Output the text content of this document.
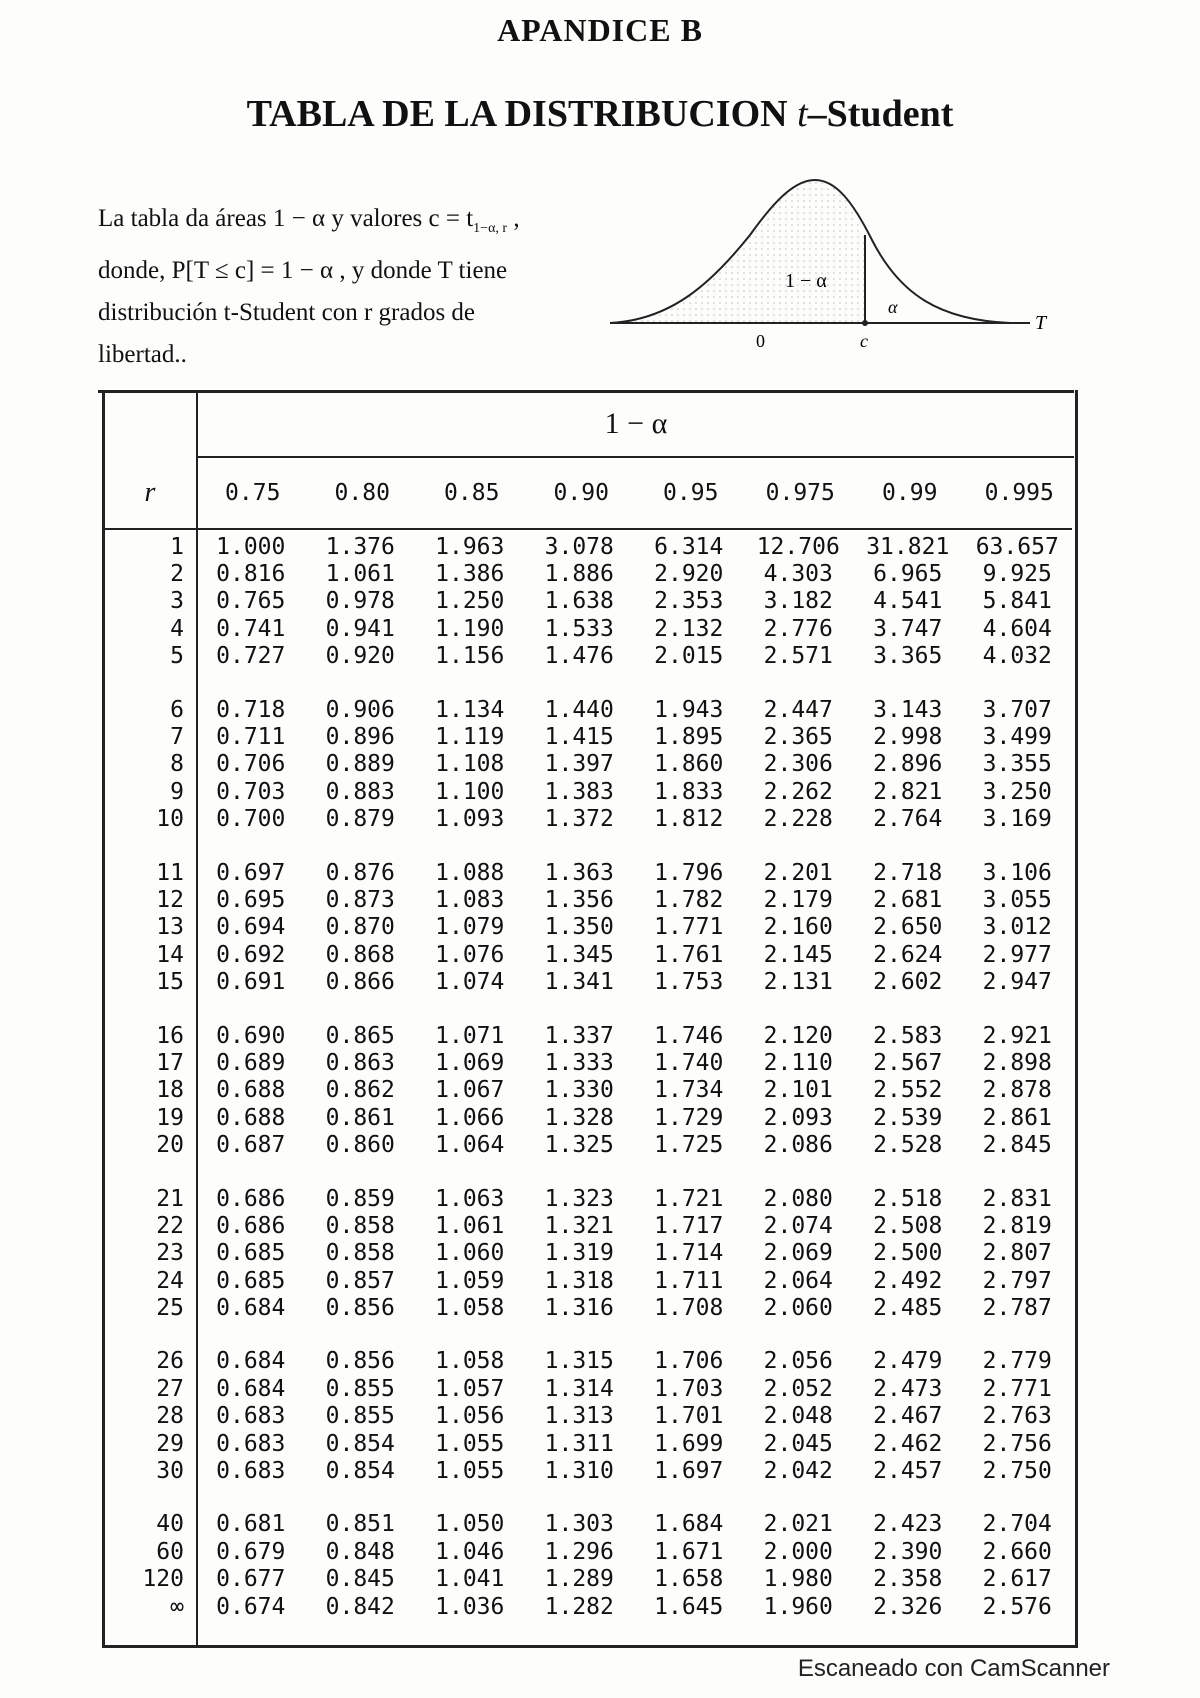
APANDICE B
TABLA DE LA DISTRIBUCION t–Student
La tabla da áreas 1 − α y valores $c = t_{1-\alpha, r}$ ,
donde, P[T ≤ c] = 1 − α , y donde T tiene
distribución t-Student con r grados de
libertad..
1 − α
α
0	c
T
1 − α
r	0.75	0.80	0.85	0.90	0.95	0.975	0.99	0.995
1	1.000	1.376	1.963	3.078	6.314	12.706	31.821	63.657
2	0.816	1.061	1.386	1.886	2.920	4.303	6.965	9.925
3	0.765	0.978	1.250	1.638	2.353	3.182	4.541	5.841
4	0.741	0.941	1.190	1.533	2.132	2.776	3.747	4.604
5	0.727	0.920	1.156	1.476	2.015	2.571	3.365	4.032
6	0.718	0.906	1.134	1.440	1.943	2.447	3.143	3.707
7	0.711	0.896	1.119	1.415	1.895	2.365	2.998	3.499
8	0.706	0.889	1.108	1.397	1.860	2.306	2.896	3.355
9	0.703	0.883	1.100	1.383	1.833	2.262	2.821	3.250
10	0.700	0.879	1.093	1.372	1.812	2.228	2.764	3.169
11	0.697	0.876	1.088	1.363	1.796	2.201	2.718	3.106
12	0.695	0.873	1.083	1.356	1.782	2.179	2.681	3.055
13	0.694	0.870	1.079	1.350	1.771	2.160	2.650	3.012
14	0.692	0.868	1.076	1.345	1.761	2.145	2.624	2.977
15	0.691	0.866	1.074	1.341	1.753	2.131	2.602	2.947
16	0.690	0.865	1.071	1.337	1.746	2.120	2.583	2.921
17	0.689	0.863	1.069	1.333	1.740	2.110	2.567	2.898
18	0.688	0.862	1.067	1.330	1.734	2.101	2.552	2.878
19	0.688	0.861	1.066	1.328	1.729	2.093	2.539	2.861
20	0.687	0.860	1.064	1.325	1.725	2.086	2.528	2.845
21	0.686	0.859	1.063	1.323	1.721	2.080	2.518	2.831
22	0.686	0.858	1.061	1.321	1.717	2.074	2.508	2.819
23	0.685	0.858	1.060	1.319	1.714	2.069	2.500	2.807
24	0.685	0.857	1.059	1.318	1.711	2.064	2.492	2.797
25	0.684	0.856	1.058	1.316	1.708	2.060	2.485	2.787
26	0.684	0.856	1.058	1.315	1.706	2.056	2.479	2.779
27	0.684	0.855	1.057	1.314	1.703	2.052	2.473	2.771
28	0.683	0.855	1.056	1.313	1.701	2.048	2.467	2.763
29	0.683	0.854	1.055	1.311	1.699	2.045	2.462	2.756
30	0.683	0.854	1.055	1.310	1.697	2.042	2.457	2.750
40	0.681	0.851	1.050	1.303	1.684	2.021	2.423	2.704
60	0.679	0.848	1.046	1.296	1.671	2.000	2.390	2.660
120	0.677	0.845	1.041	1.289	1.658	1.980	2.358	2.617
∞	0.674	0.842	1.036	1.282	1.645	1.960	2.326	2.576
Escaneado con CamScanner
